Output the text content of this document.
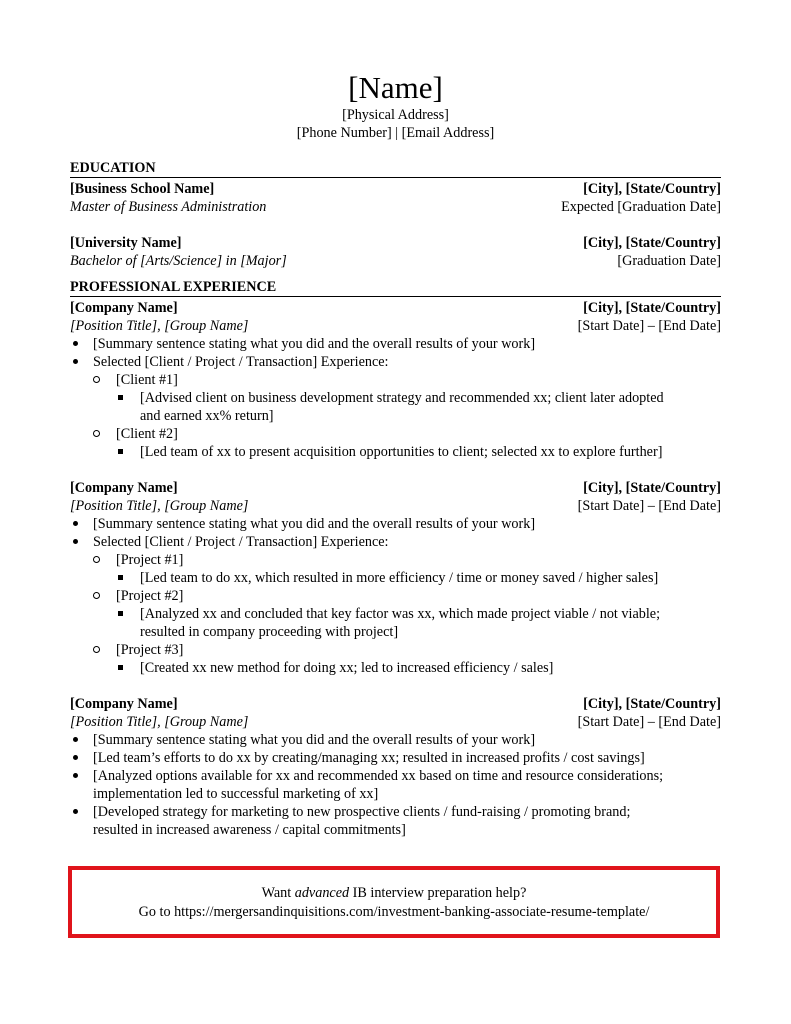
[Name]
[Physical Address]
[Phone Number] | [Email Address]
EDUCATION
[Business School Name]	[City], [State/Country]
Master of Business Administration	Expected [Graduation Date]
[University Name]	[City], [State/Country]
Bachelor of [Arts/Science] in [Major]	[Graduation Date]
PROFESSIONAL EXPERIENCE
[Company Name]	[City], [State/Country]
[Position Title], [Group Name]	[Start Date] – [End Date]
[Summary sentence stating what you did and the overall results of your work]
Selected [Client / Project / Transaction] Experience:
[Client #1]
[Advised client on business development strategy and recommended xx; client later adopted
and earned xx% return]
[Client #2]
[Led team of xx to present acquisition opportunities to client; selected xx to explore further]
[Company Name]	[City], [State/Country]
[Position Title], [Group Name]	[Start Date] – [End Date]
[Summary sentence stating what you did and the overall results of your work]
Selected [Client / Project / Transaction] Experience:
[Project #1]
[Led team to do xx, which resulted in more efficiency / time or money saved / higher sales]
[Project #2]
[Analyzed xx and concluded that key factor was xx, which made project viable / not viable;
resulted in company proceeding with project]
[Project #3]
[Created xx new method for doing xx; led to increased efficiency / sales]
[Company Name]	[City], [State/Country]
[Position Title], [Group Name]	[Start Date] – [End Date]
[Summary sentence stating what you did and the overall results of your work]
[Led team’s efforts to do xx by creating/managing xx; resulted in increased profits / cost savings]
[Analyzed options available for xx and recommended xx based on time and resource considerations;
implementation led to successful marketing of xx]
[Developed strategy for marketing to new prospective clients / fund-raising / promoting brand;
resulted in increased awareness / capital commitments]
Want advanced IB interview preparation help?
Go to https://mergersandinquisitions.com/investment-banking-associate-resume-template/
